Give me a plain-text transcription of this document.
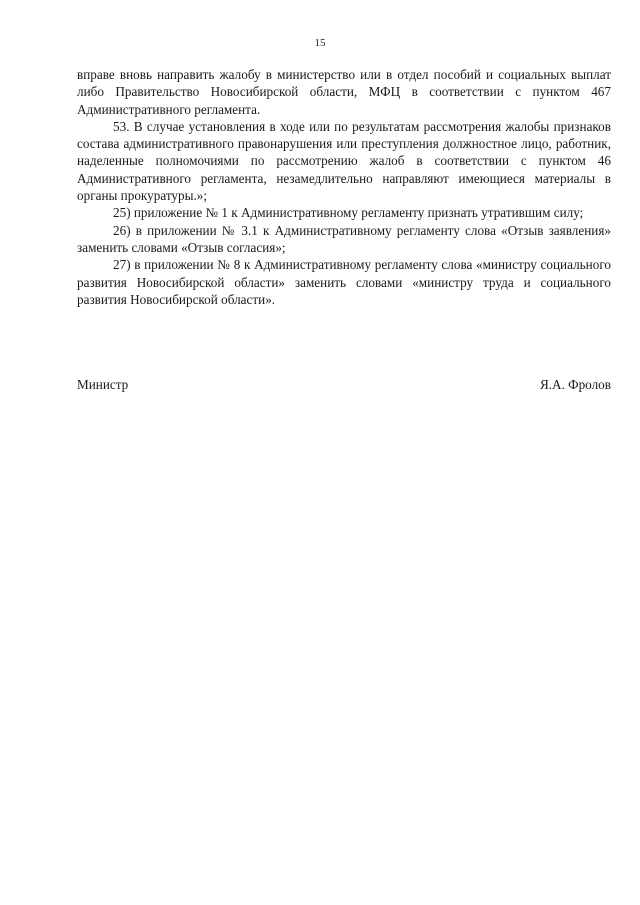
15

вправе вновь направить жалобу в министерство или в отдел пособий и социальных выплат либо Правительство Новосибирской области, МФЦ в соответствии с пунктом 467 Административного регламента.

53. В случае установления в ходе или по результатам рассмотрения жалобы признаков состава административного правонарушения или преступления должностное лицо, работник, наделенные полномочиями по рассмотрению жалоб в соответствии с пунктом 46 Административного регламента, незамедлительно направляют имеющиеся материалы в органы прокуратуры.»;

25) приложение № 1 к Административному регламенту признать утратившим силу;

26) в приложении № 3.1 к Административному регламенту слова «Отзыв заявления» заменить словами «Отзыв согласия»;

27) в приложении № 8 к Административному регламенту слова «министру социального развития Новосибирской области» заменить словами «министру труда и социального развития Новосибирской области».

Министр	Я.А. Фролов
